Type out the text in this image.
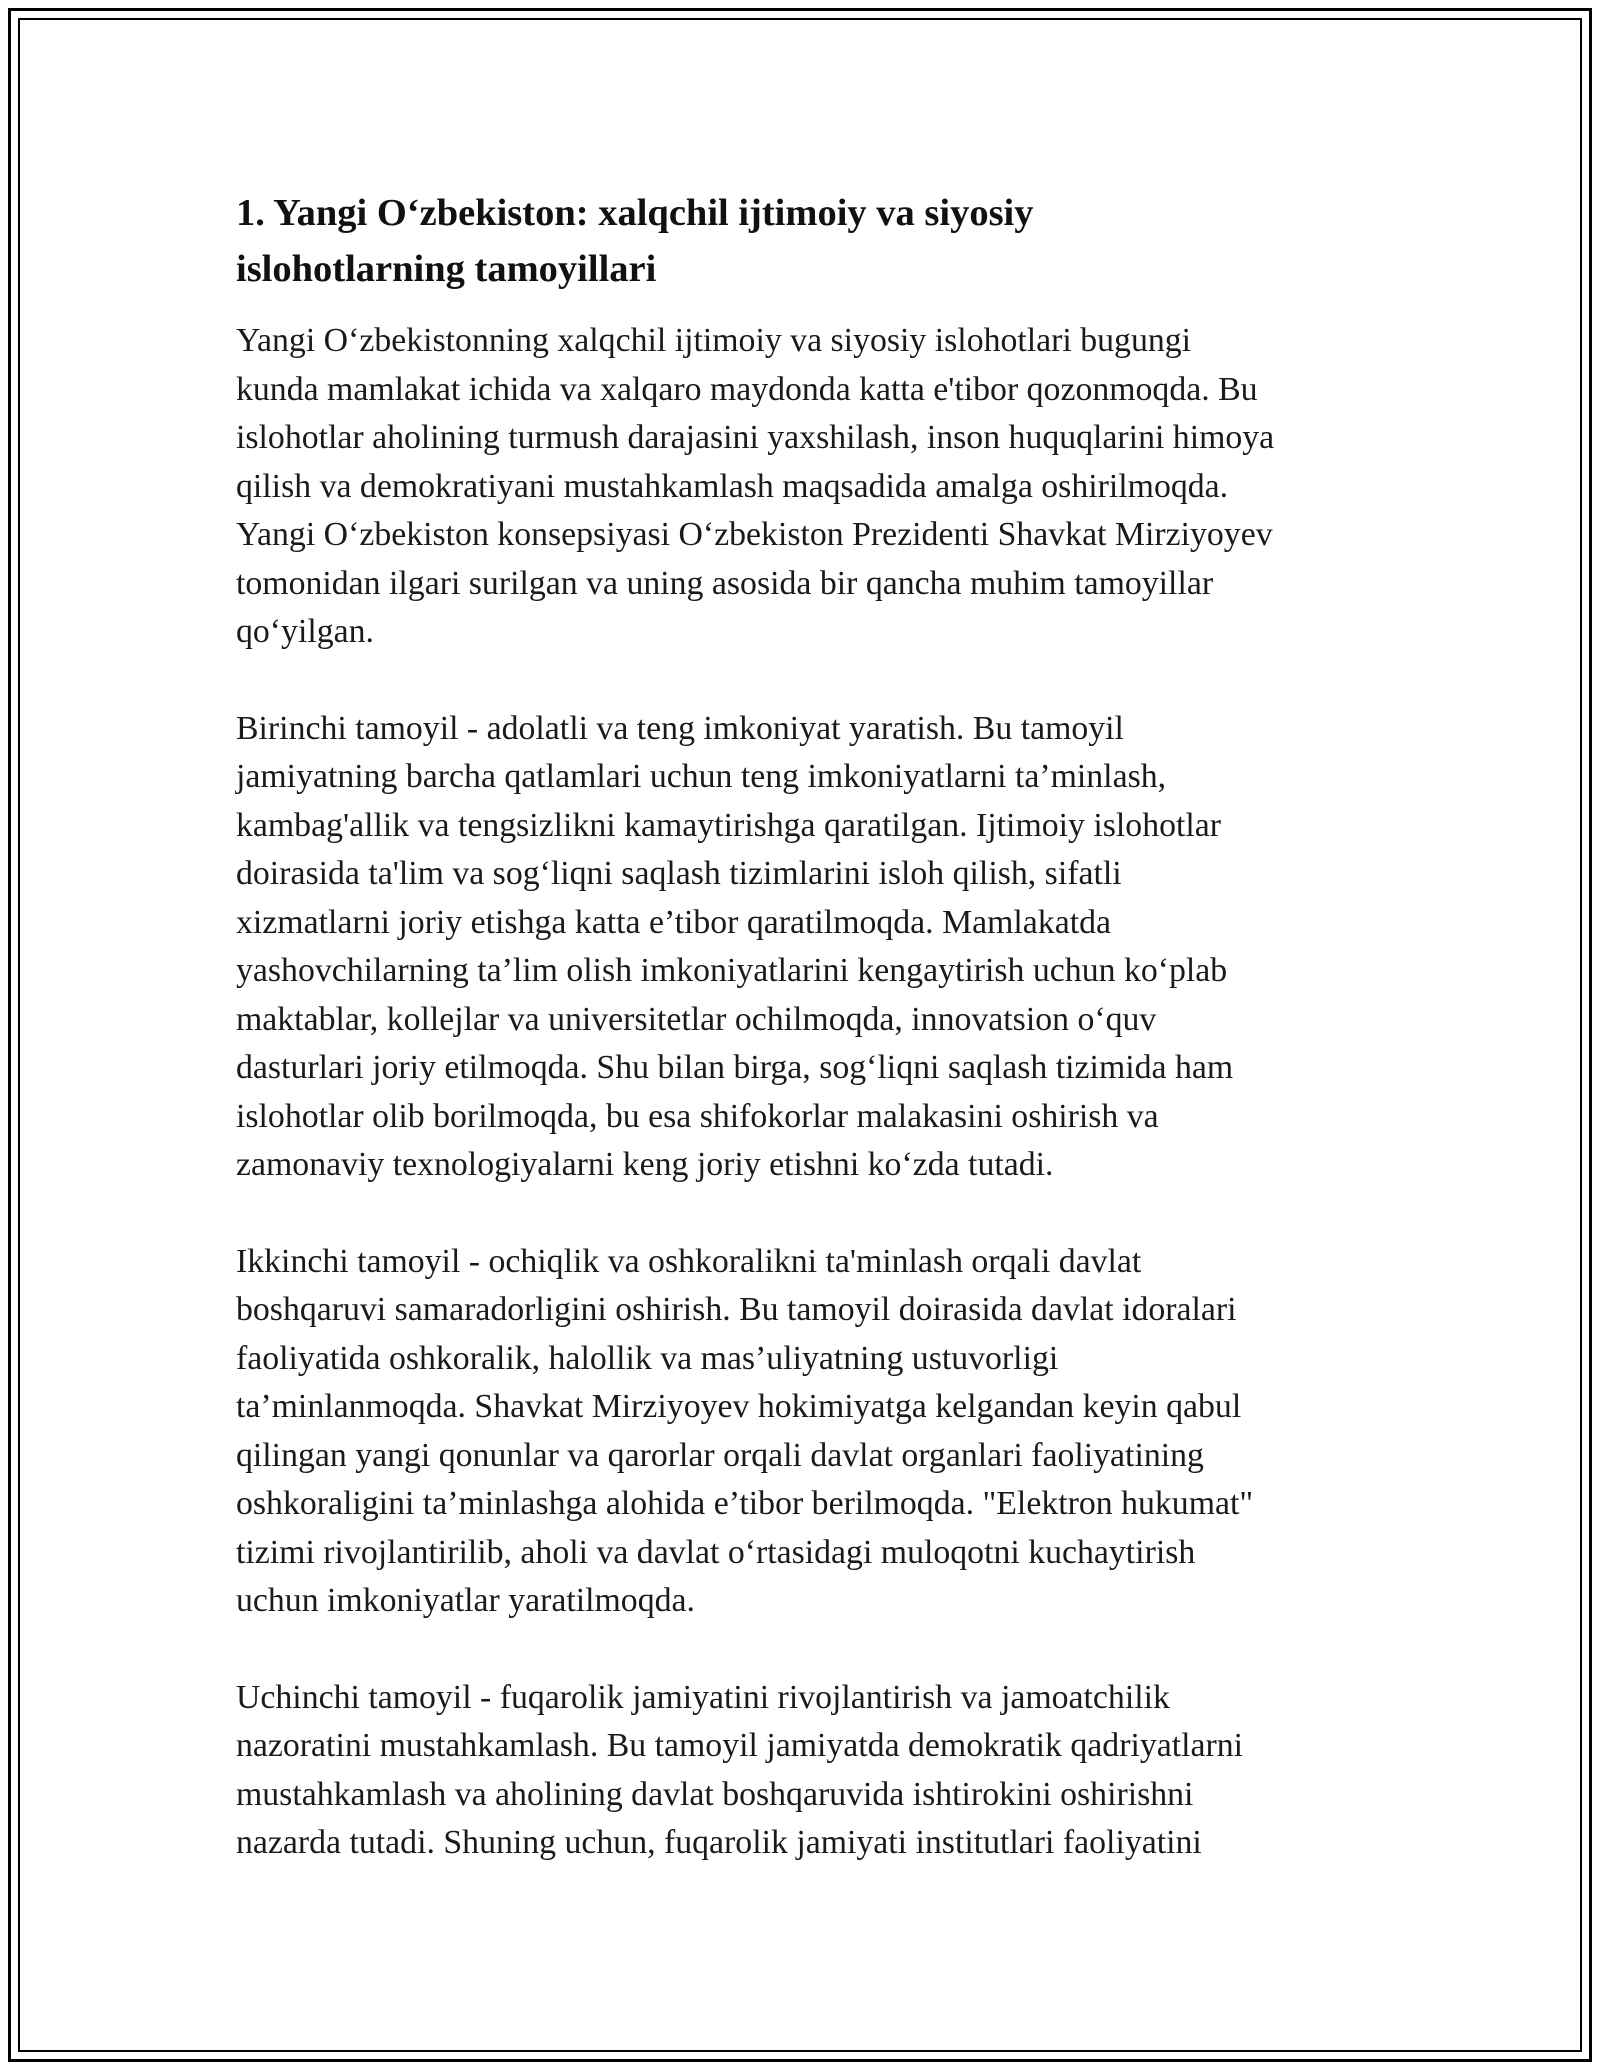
1. Yangi O‘zbekiston: xalqchil ijtimoiy va siyosiy islohotlarning tamoyillari

Yangi O‘zbekistonning xalqchil ijtimoiy va siyosiy islohotlari bugungi
kunda mamlakat ichida va xalqaro maydonda katta e'tibor qozonmoqda. Bu
islohotlar aholining turmush darajasini yaxshilash, inson huquqlarini himoya
qilish va demokratiyani mustahkamlash maqsadida amalga oshirilmoqda.
Yangi O‘zbekiston konsepsiyasi O‘zbekiston Prezidenti Shavkat Mirziyoyev
tomonidan ilgari surilgan va uning asosida bir qancha muhim tamoyillar
qo‘yilgan.

Birinchi tamoyil - adolatli va teng imkoniyat yaratish. Bu tamoyil
jamiyatning barcha qatlamlari uchun teng imkoniyatlarni ta’minlash,
kambag'allik va tengsizlikni kamaytirishga qaratilgan. Ijtimoiy islohotlar
doirasida ta'lim va sog‘liqni saqlash tizimlarini isloh qilish, sifatli
xizmatlarni joriy etishga katta e’tibor qaratilmoqda. Mamlakatda
yashovchilarning ta’lim olish imkoniyatlarini kengaytirish uchun ko‘plab
maktablar, kollejlar va universitetlar ochilmoqda, innovatsion o‘quv
dasturlari joriy etilmoqda. Shu bilan birga, sog‘liqni saqlash tizimida ham
islohotlar olib borilmoqda, bu esa shifokorlar malakasini oshirish va
zamonaviy texnologiyalarni keng joriy etishni ko‘zda tutadi.

Ikkinchi tamoyil - ochiqlik va oshkoralikni ta'minlash orqali davlat
boshqaruvi samaradorligini oshirish. Bu tamoyil doirasida davlat idoralari
faoliyatida oshkoralik, halollik va mas’uliyatning ustuvorligi
ta’minlanmoqda. Shavkat Mirziyoyev hokimiyatga kelgandan keyin qabul
qilingan yangi qonunlar va qarorlar orqali davlat organlari faoliyatining
oshkoraligini ta’minlashga alohida e’tibor berilmoqda. "Elektron hukumat"
tizimi rivojlantirilib, aholi va davlat o‘rtasidagi muloqotni kuchaytirish
uchun imkoniyatlar yaratilmoqda.

Uchinchi tamoyil - fuqarolik jamiyatini rivojlantirish va jamoatchilik
nazoratini mustahkamlash. Bu tamoyil jamiyatda demokratik qadriyatlarni
mustahkamlash va aholining davlat boshqaruvida ishtirokini oshirishni
nazarda tutadi. Shuning uchun, fuqarolik jamiyati institutlari faoliyatini
